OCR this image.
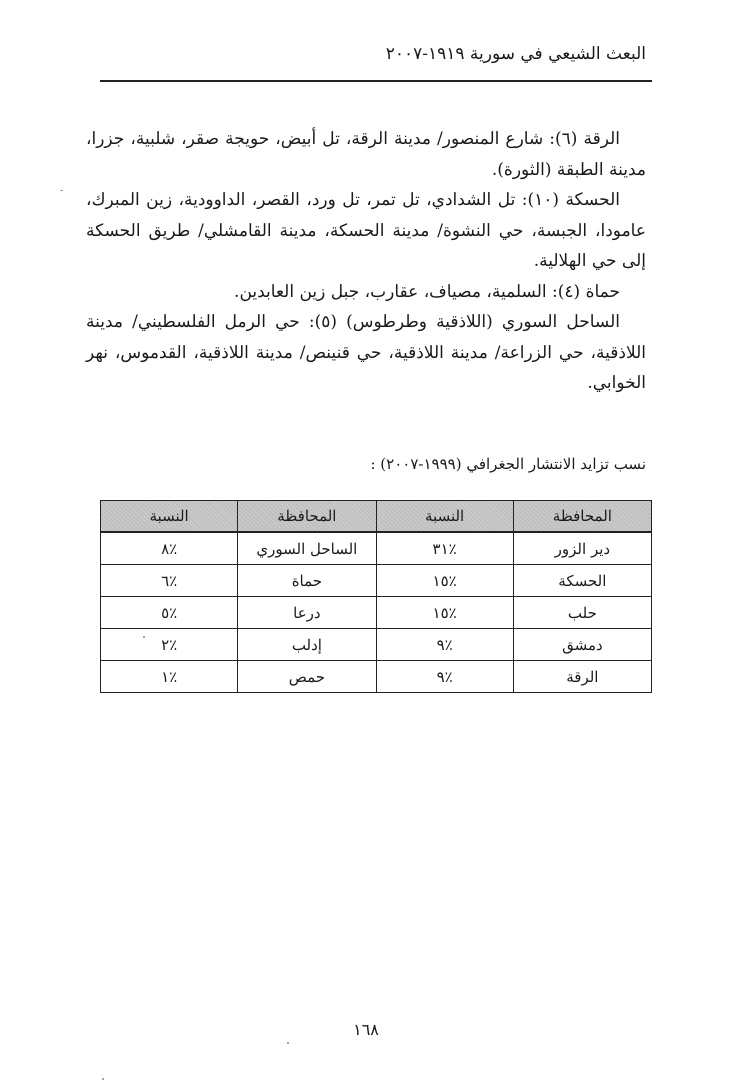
البعث الشيعي في سورية ١٩١٩-٢٠٠٧

الرقة (٦): شارع المنصور/ مدينة الرقة، تل أبيض، حويجة صقر، شلبية، جزرا، مدينة الطبقة (الثورة).

الحسكة (١٠): تل الشدادي، تل تمر، تل ورد، القصر، الداوودية، زين المبرك، عامودا، الجبسة، حي النشوة/ مدينة الحسكة، مدينة القامشلي/ طريق الحسكة إلى حي الهلالية.

حماة (٤): السلمية، مصياف، عقارب، جبل زين العابدين.

الساحل السوري (اللاذقية وطرطوس) (٥): حي الرمل الفلسطيني/ مدينة اللاذقية، حي الزراعة/ مدينة اللاذقية، حي قنينص/ مدينة اللاذقية، القدموس، نهر الخوابي.

نسب تزايد الانتشار الجغرافي (١٩٩٩-٢٠٠٧) :
المحافظة	النسبة	المحافظة	النسبة
دير الزور	٪٣١	الساحل السوري	٪٨
الحسكة	٪١٥	حماة	٪٦
حلب	٪١٥	درعا	٪٥
دمشق	٪٩	إدلب	٪٢
الرقة	٪٩	حمص	٪١
١٦٨
